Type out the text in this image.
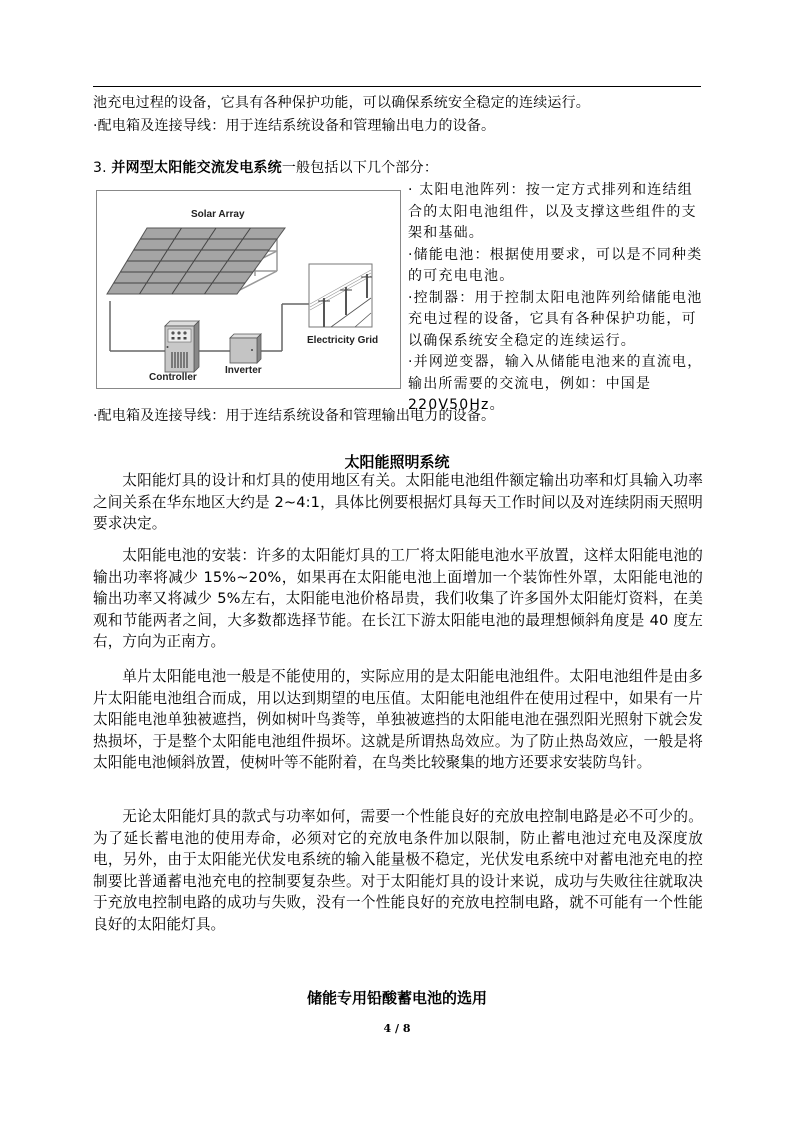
池充电过程的设备，它具有各种保护功能，可以确保系统安全稳定的连续运行。
·配电箱及连接导线：用于连结系统设备和管理输出电力的设备。
3. 并网型太阳能交流发电系统一般包括以下几个部分：
Solar Array
Controller
Inverter
Electricity Grid
· 太阳电池阵列：按一定方式排列和连结组合的太阳电池组件，以及支撑这些组件的支架和基础。
·储能电池：根据使用要求，可以是不同种类的可充电电池。
·控制器：用于控制太阳电池阵列给储能电池充电过程的设备，它具有各种保护功能，可以确保系统安全稳定的连续运行。
·并网逆变器，输入从储能电池来的直流电，输出所需要的交流电，例如：中国是220V50Hz。
·配电箱及连接导线：用于连结系统设备和管理输出电力的设备。
太阳能照明系统
太阳能灯具的设计和灯具的使用地区有关。太阳能电池组件额定输出功率和灯具输入功率之间关系在华东地区大约是 2~4:1，具体比例要根据灯具每天工作时间以及对连续阴雨天照明要求决定。
太阳能电池的安装：许多的太阳能灯具的工厂将太阳能电池水平放置，这样太阳能电池的输出功率将减少 15%~20%，如果再在太阳能电池上面增加一个装饰性外罩，太阳能电池的输出功率又将减少 5%左右，太阳能电池价格昂贵，我们收集了许多国外太阳能灯资料，在美观和节能两者之间，大多数都选择节能。在长江下游太阳能电池的最理想倾斜角度是 40 度左右，方向为正南方。
单片太阳能电池一般是不能使用的，实际应用的是太阳能电池组件。太阳电池组件是由多片太阳能电池组合而成，用以达到期望的电压值。太阳能电池组件在使用过程中，如果有一片太阳能电池单独被遮挡，例如树叶鸟粪等，单独被遮挡的太阳能电池在强烈阳光照射下就会发热损坏，于是整个太阳能电池组件损坏。这就是所谓热岛效应。为了防止热岛效应，一般是将太阳能电池倾斜放置，使树叶等不能附着，在鸟类比较聚集的地方还要求安装防鸟针。
无论太阳能灯具的款式与功率如何，需要一个性能良好的充放电控制电路是必不可少的。为了延长蓄电池的使用寿命，必须对它的充放电条件加以限制，防止蓄电池过充电及深度放电，另外，由于太阳能光伏发电系统的输入能量极不稳定，光伏发电系统中对蓄电池充电的控制要比普通蓄电池充电的控制要复杂些。对于太阳能灯具的设计来说，成功与失败往往就取决于充放电控制电路的成功与失败，没有一个性能良好的充放电控制电路，就不可能有一个性能良好的太阳能灯具。
储能专用铅酸蓄电池的选用
4 / 8
